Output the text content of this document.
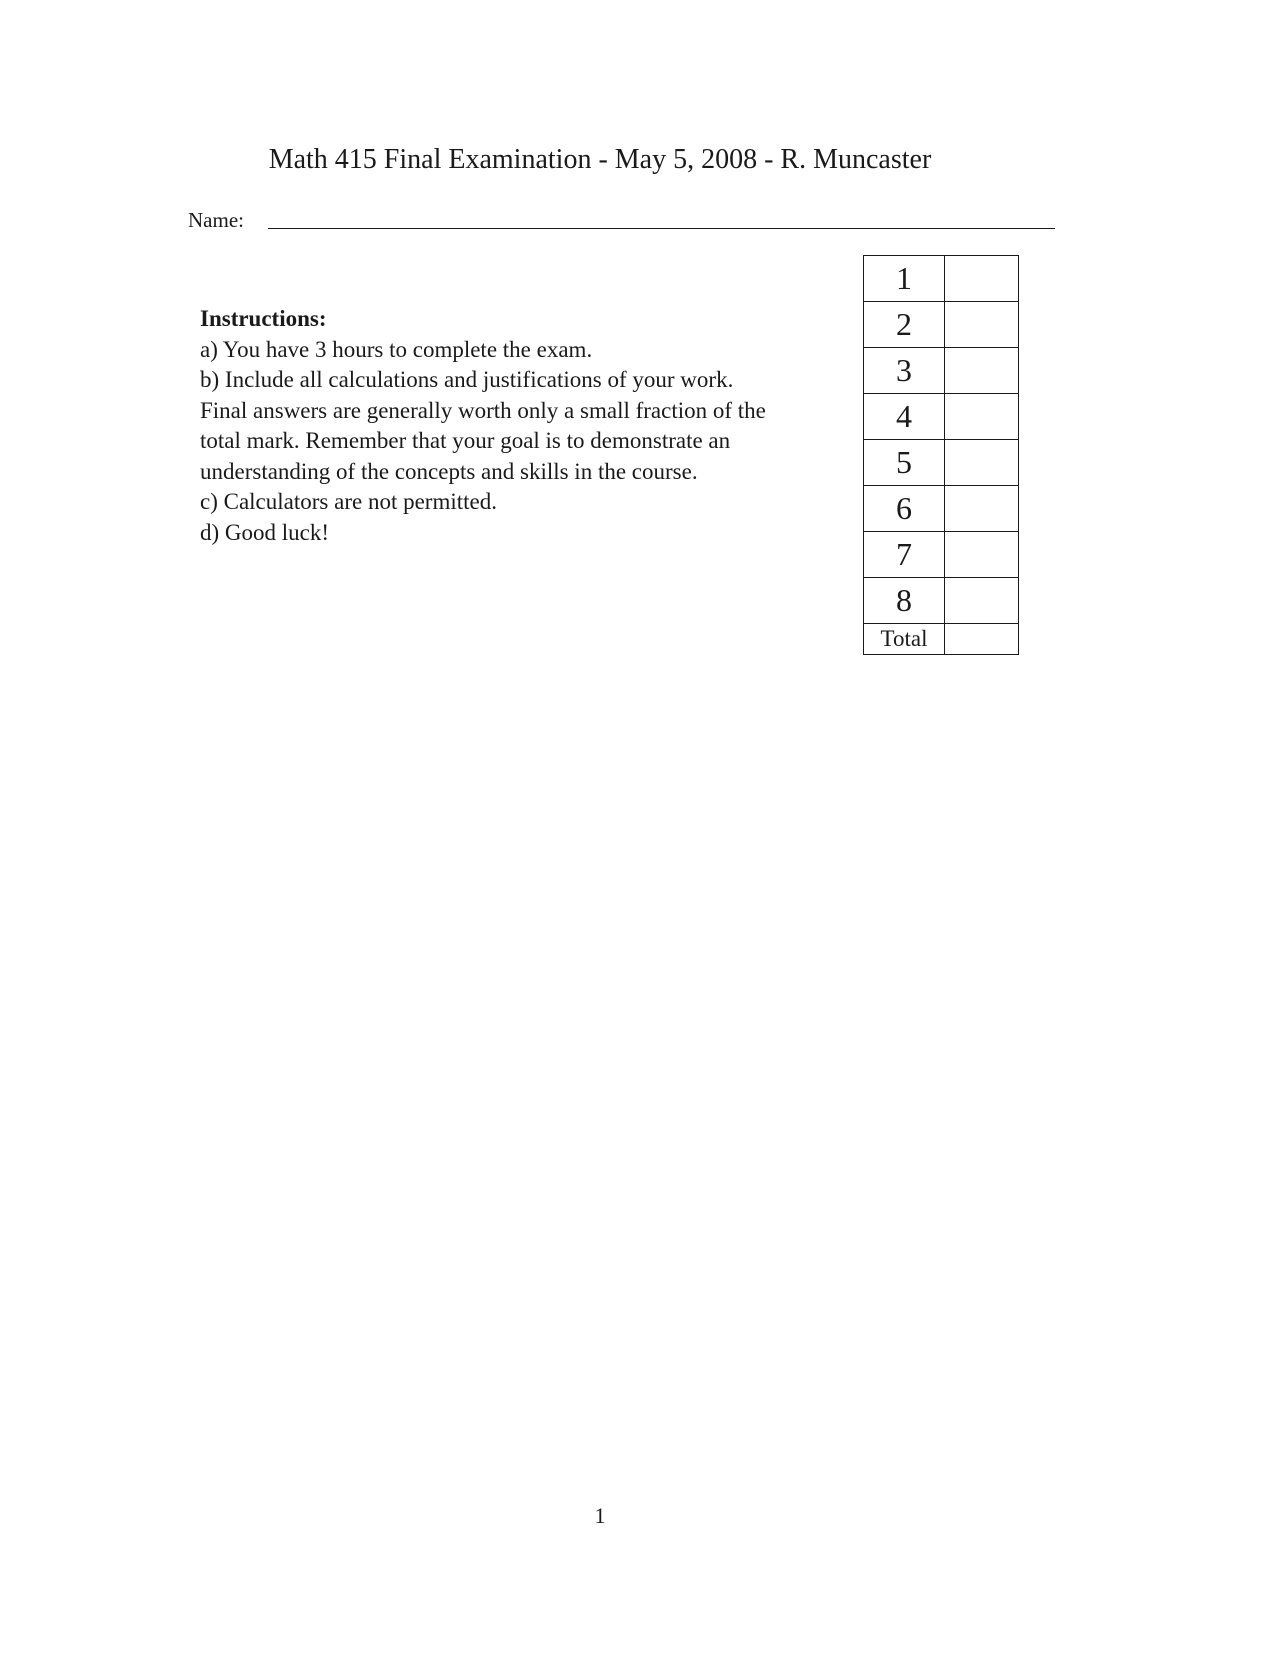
Math 415 Final Examination - May 5, 2008 - R. Muncaster
Name:

Instructions:

a) You have 3 hours to complete the exam.

b) Include all calculations and justifications of your work.

Final answers are generally worth only a small fraction of the total mark. Remember that your goal is to demonstrate an understanding of the concepts and skills in the course.

c) Calculators are not permitted.

d) Good luck!

1	
2	
3	
4	
5	
6	
7	
8	
Total	
1
